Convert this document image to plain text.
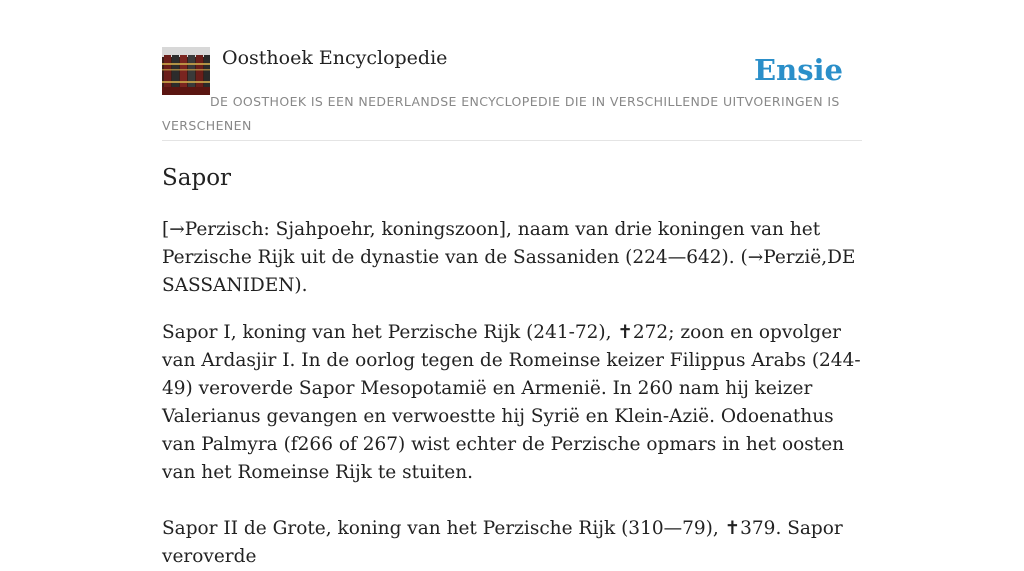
Oosthoek Encyclopedie	Ensie
DE OOSTHOEK IS EEN NEDERLANDSE ENCYCLOPEDIE DIE IN VERSCHILLENDE UITVOERINGEN IS VERSCHENEN
Sapor

[→Perzisch: Sjahpoehr, koningszoon], naam van drie koningen van het Perzische Rijk uit de dynastie van de Sassaniden (224—642). (→Perzië,DE SASSANIDEN).

Sapor I, koning van het Perzische Rijk (241-72), ✝272; zoon en opvolger van Ardasjir I. In de oorlog tegen de Romeinse keizer Filippus Arabs (244-49) veroverde Sapor Mesopotamië en Armenië. In 260 nam hij keizer Valerianus gevangen en verwoestte hij Syrië en Klein-Azië. Odoenathus van Palmyra (f266 of 267) wist echter de Perzische opmars in het oosten van het Romeinse Rijk te stuiten.

Sapor II de Grote, koning van het Perzische Rijk (310—79), ✝379. Sapor veroverde
